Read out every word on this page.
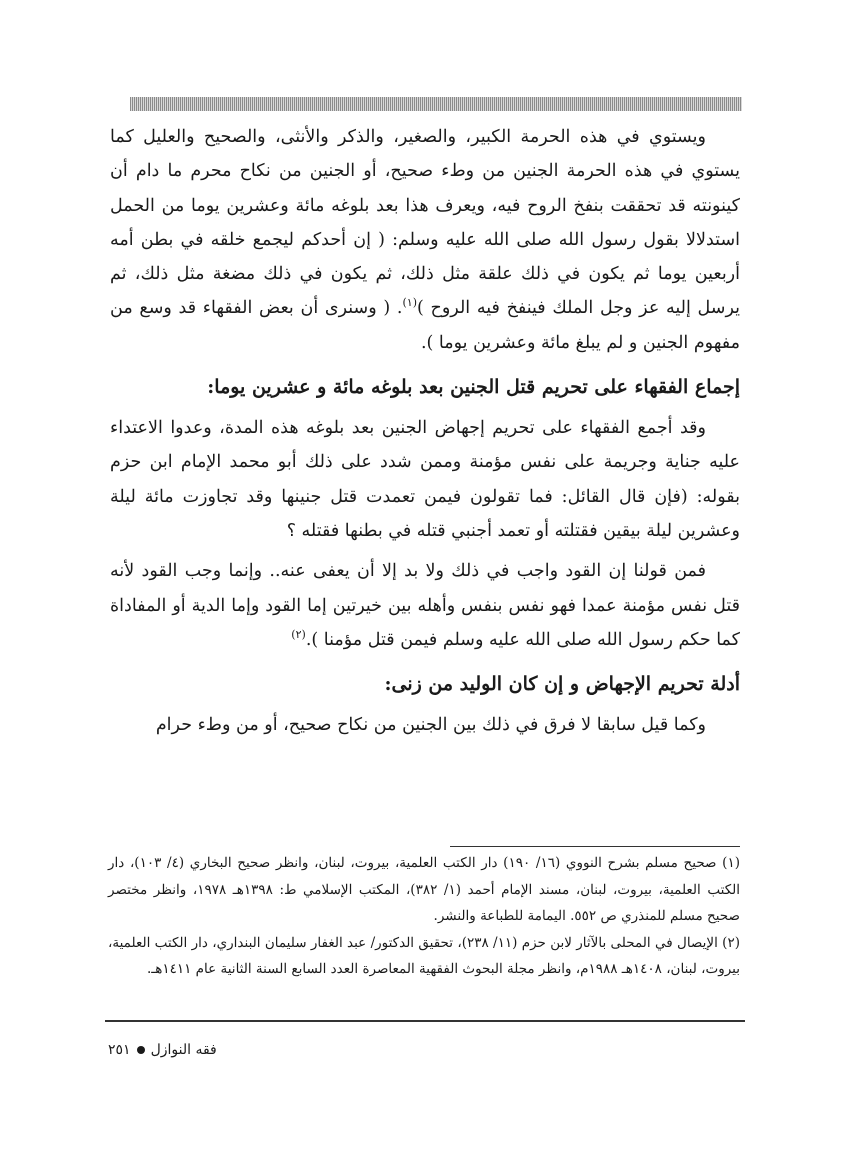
ويستوي في هذه الحرمة الكبير، والصغير، والذكر والأنثى، والصحيح والعليل كما يستوي في هذه الحرمة الجنين من وطء صحيح، أو الجنين من نكاح محرم ما دام أن كينونته قد تحققت بنفخ الروح فيه، ويعرف هذا بعد بلوغه مائة وعشرين يوما من الحمل استدلالا بقول رسول الله صلى الله عليه وسلم: ( إن أحدكم ليجمع خلقه في بطن أمه أربعين يوما ثم يكون في ذلك علقة مثل ذلك، ثم يكون في ذلك مضغة مثل ذلك، ثم يرسل إليه عز وجل الملك فينفخ فيه الروح )$^{(١)}$. ( وسنرى أن بعض الفقهاء قد وسع من مفهوم الجنين و لم يبلغ مائة وعشرين يوما ).

إجماع الفقهاء على تحريم قتل الجنين بعد بلوغه مائة و عشرين يوما:

وقد أجمع الفقهاء على تحريم إجهاض الجنين بعد بلوغه هذه المدة، وعدوا الاعتداء عليه جناية وجريمة على نفس مؤمنة وممن شدد على ذلك أبو محمد الإمام ابن حزم بقوله: (فإن قال القائل: فما تقولون فيمن تعمدت قتل جنينها وقد تجاوزت مائة ليلة وعشرين ليلة بيقين فقتلته أو تعمد أجنبي قتله في بطنها فقتله ؟

فمن قولنا إن القود واجب في ذلك ولا بد إلا أن يعفى عنه.. وإنما وجب القود لأنه قتل نفس مؤمنة عمدا فهو نفس بنفس وأهله بين خيرتين إما القود وإما الدية أو المفاداة كما حكم رسول الله صلى الله عليه وسلم فيمن قتل مؤمنا ).$^{(٢)}$

أدلة تحريم الإجهاض و إن كان الوليد من زنى:

وكما قيل سابقا لا فرق في ذلك بين الجنين من نكاح صحيح، أو من وطء حرام

(١) صحيح مسلم بشرح النووي (١٦/ ١٩٠) دار الكتب العلمية، بيروت، لبنان، وانظر صحيح البخاري (٤/ ١٠٣)، دار الكتب العلمية، بيروت، لبنان، مسند الإمام أحمد (١/ ٣٨٢)، المكتب الإسلامي ط: ١٣٩٨هـ ١٩٧٨، وانظر مختصر صحيح مسلم للمنذري ص ٥٥٢. اليمامة للطباعة والنشر.

(٢) الإيصال في المحلى بالآثار لابن حزم (١١/ ٢٣٨)، تحقيق الدكتور/ عبد الغفار سليمان البنداري، دار الكتب العلمية، بيروت، لبنان، ١٤٠٨هـ ١٩٨٨م، وانظر مجلة البحوث الفقهية المعاصرة العدد السابع السنة الثانية عام ١٤١١هـ.

فقه النوازل٢٥١
